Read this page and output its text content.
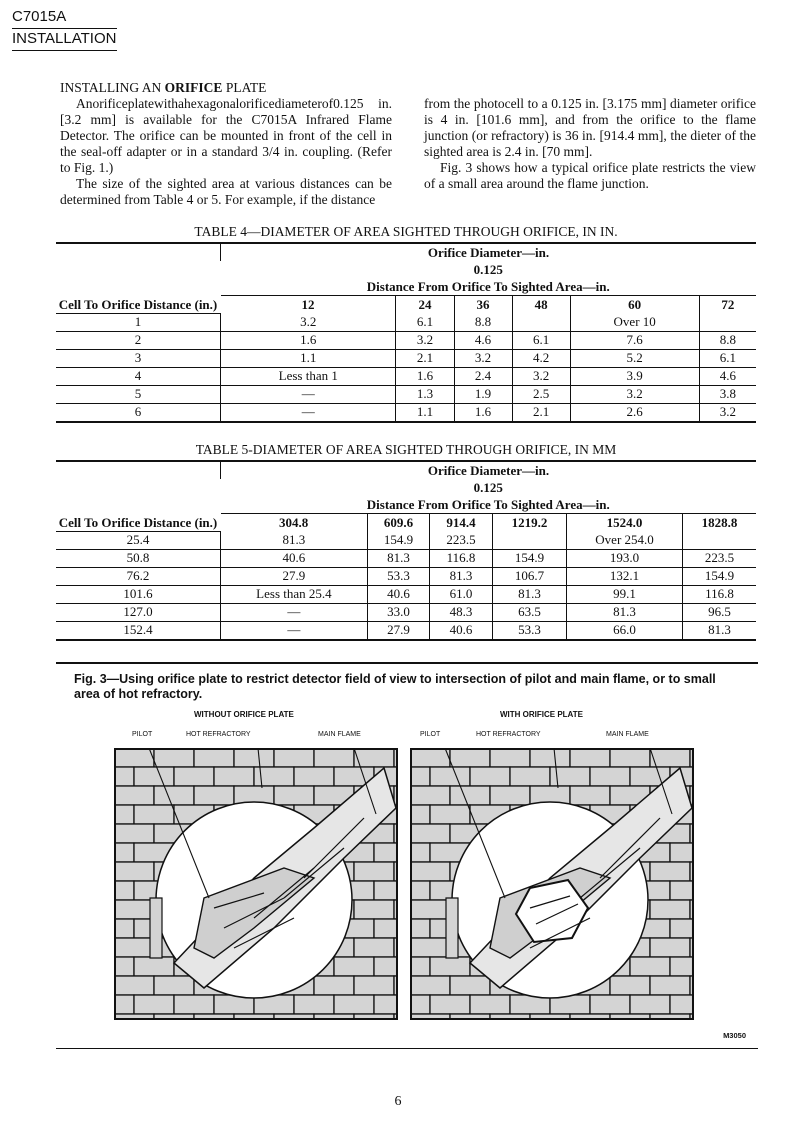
C7015A
INSTALLATION
INSTALLING AN ORIFICE PLATE

Anorificeplatewithahexagonalorificediameterof0.125 in. [3.2 mm] is available for the C7015A Infrared Flame Detector. The orifice can be mounted in front of the cell in the seal-off adapter or in a standard 3/4 in. coupling. (Refer to Fig. 1.)

The size of the sighted area at various distances can be determined from Table 4 or 5. For example, if the distance

from the photocell to a 0.125 in. [3.175 mm] diameter orifice is 4 in. [101.6 mm], and from the orifice to the flame junction (or refractory) is 36 in. [914.4 mm], the dieter of the sighted area is 2.4 in. [70 mm].

Fig. 3 shows how a typical orifice plate restricts the view of a small area around the flame junction.

TABLE 4—DIAMETER OF AREA SIGHTED THROUGH ORIFICE, IN IN.
Cell To Orifice Distance (in.)	Orifice Diameter—in.					
	0.125					
	Distance From Orifice To Sighted Area—in.					
	12	24	36	48	60	72
1	3.2	6.1	8.8		Over 10	
2	1.6	3.2	4.6	6.1	7.6	8.8
3	1.1	2.1	3.2	4.2	5.2	6.1
4	Less than 1	1.6	2.4	3.2	3.9	4.6
5	—	1.3	1.9	2.5	3.2	3.8
6	—	1.1	1.6	2.1	2.6	3.2
TABLE 5-DIAMETER OF AREA SIGHTED THROUGH ORIFICE, IN MM
Cell To Orifice Distance (in.)	Orifice Diameter—in.					
	0.125					
	Distance From Orifice To Sighted Area—in.					
	304.8	609.6	914.4	1219.2	1524.0	1828.8
25.4	81.3	154.9	223.5		Over 254.0	
50.8	40.6	81.3	116.8	154.9	193.0	223.5
76.2	27.9	53.3	81.3	106.7	132.1	154.9
101.6	Less than 25.4	40.6	61.0	81.3	99.1	116.8
127.0	—	33.0	48.3	63.5	81.3	96.5
152.4	—	27.9	40.6	53.3	66.0	81.3
Fig. 3—Using orifice plate to restrict detector field of view to intersection of pilot and main flame, or to small area of hot refractory.
WITHOUT ORIFICE PLATE	WITH ORIFICE PLATE
PILOT	HOT REFRACTORY	MAIN FLAME	PILOT	HOT REFRACTORY	MAIN FLAME
M3050
6
